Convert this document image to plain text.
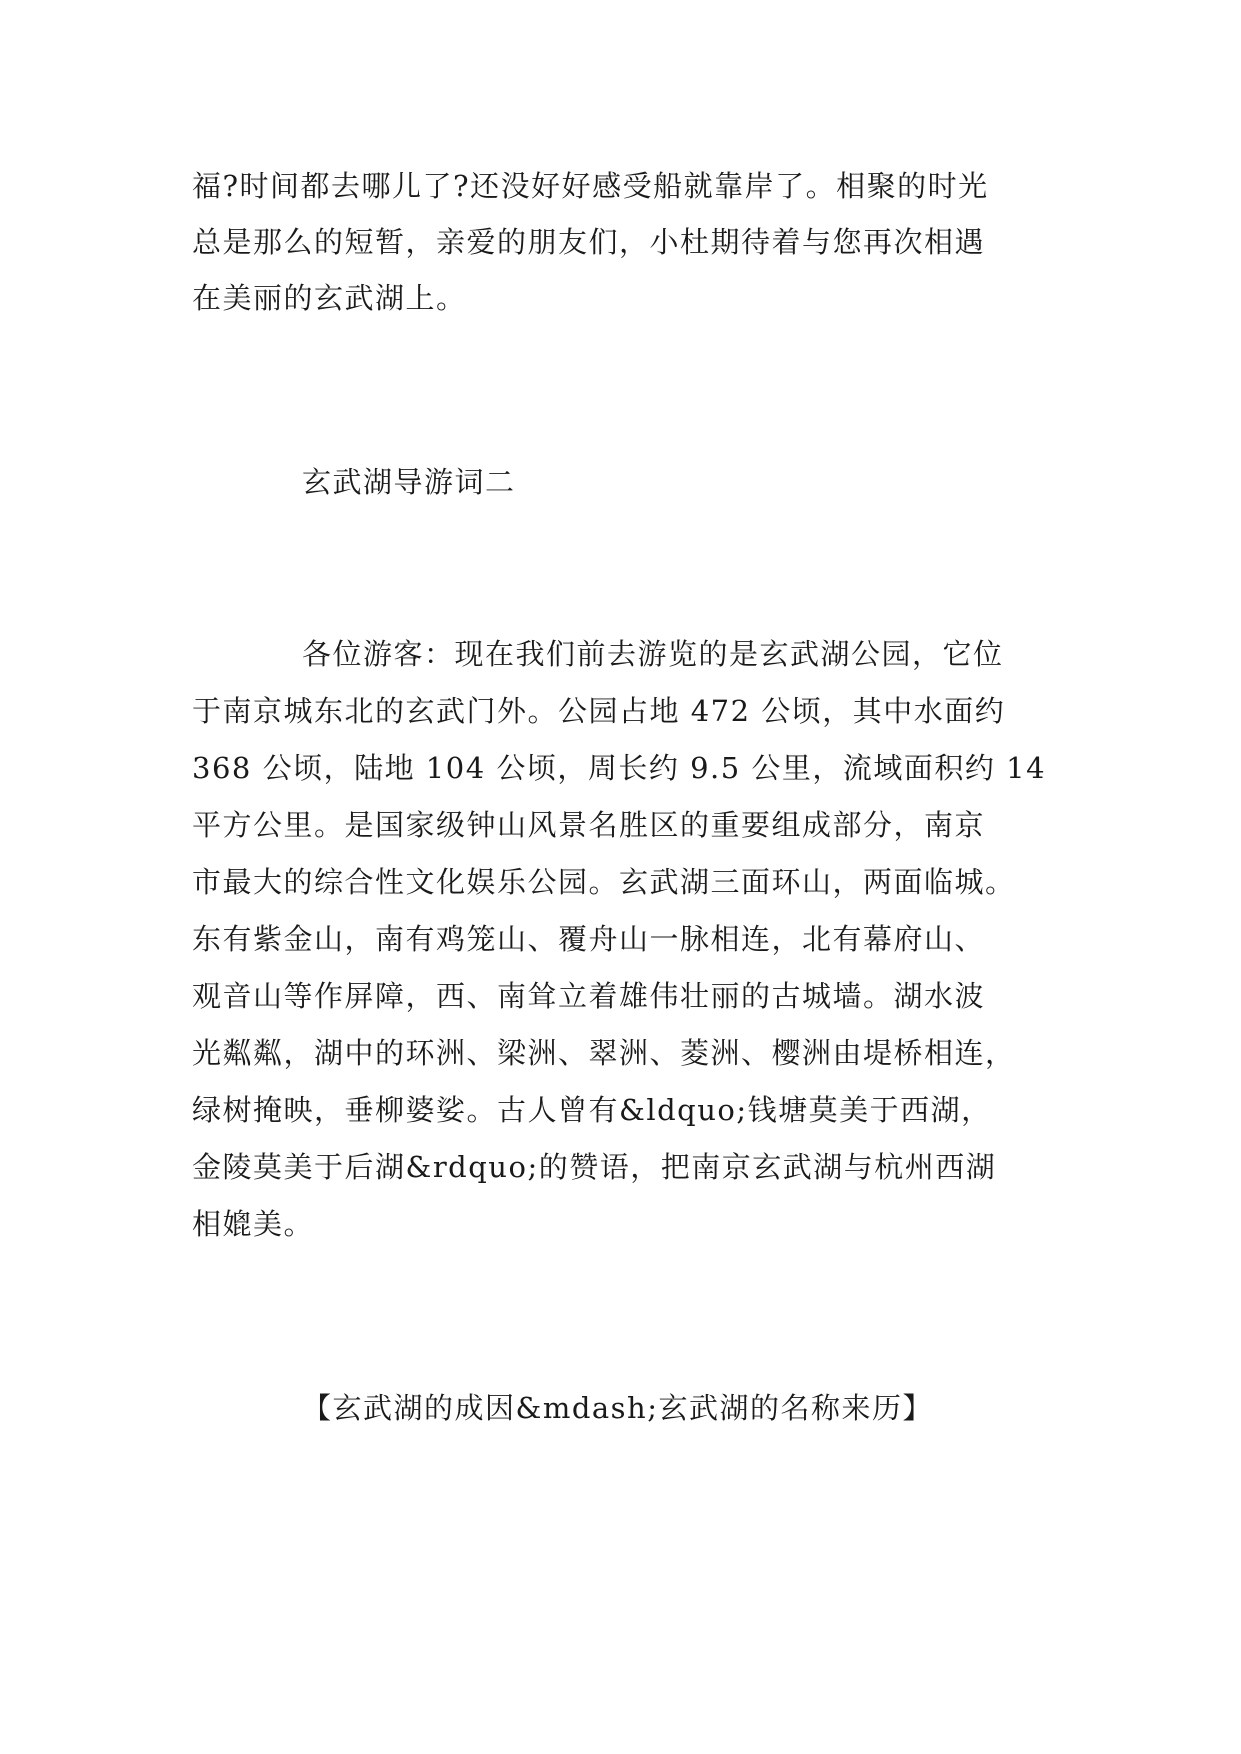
福?时间都去哪儿了?还没好好感受船就靠岸了。相聚的时光
总是那么的短暂，亲爱的朋友们，小杜期待着与您再次相遇
在美丽的玄武湖上。
玄武湖导游词二
各位游客：现在我们前去游览的是玄武湖公园，它位
于南京城东北的玄武门外。公园占地 472 公顷，其中水面约
368 公顷，陆地 104 公顷，周长约 9.5 公里，流域面积约 14
平方公里。是国家级钟山风景名胜区的重要组成部分，南京
市最大的综合性文化娱乐公园。玄武湖三面环山，两面临城。
东有紫金山，南有鸡笼山、覆舟山一脉相连，北有幕府山、
观音山等作屏障，西、南耸立着雄伟壮丽的古城墙。湖水波
光粼粼，湖中的环洲、梁洲、翠洲、菱洲、樱洲由堤桥相连，
绿树掩映，垂柳婆娑。古人曾有&ldquo;钱塘莫美于西湖，
金陵莫美于后湖&rdquo;的赞语，把南京玄武湖与杭州西湖
相媲美。
【玄武湖的成因&mdash;玄武湖的名称来历】
